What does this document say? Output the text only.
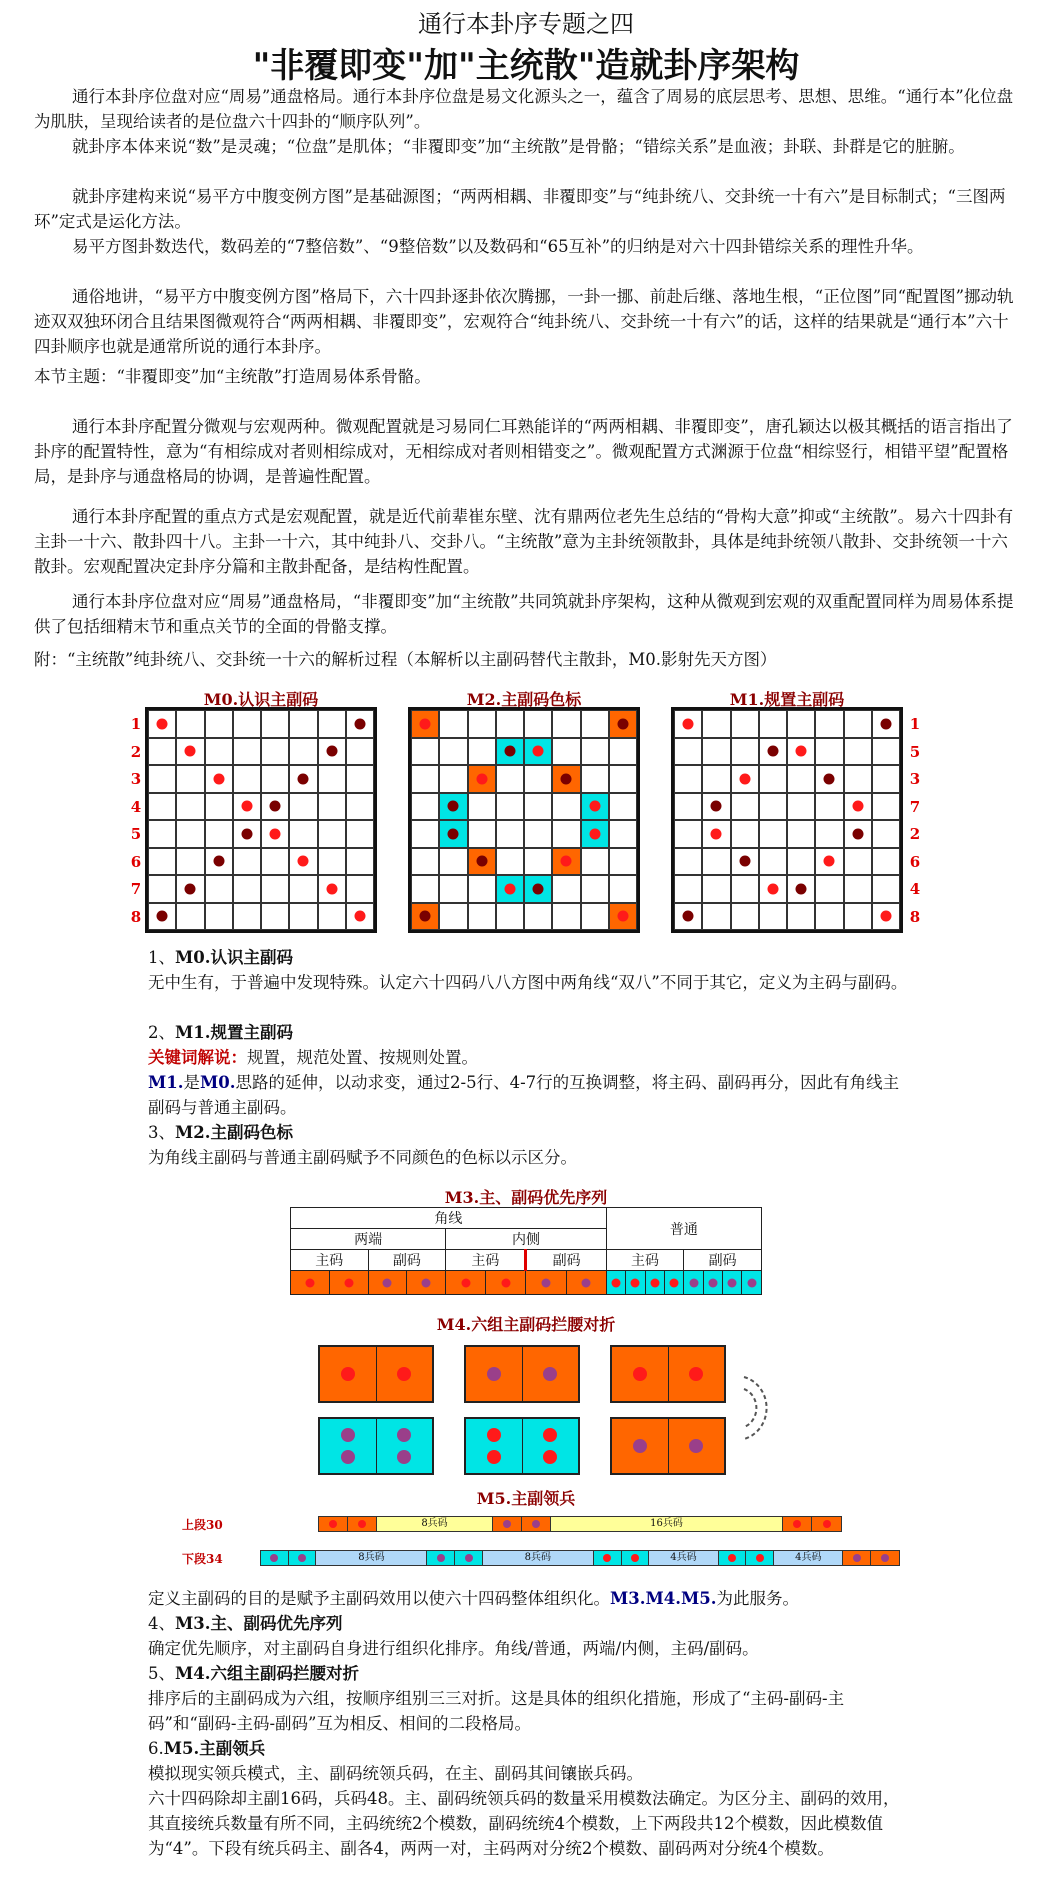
通行本卦序专题之四
"非覆即变"加"主统散"造就卦序架构

通行本卦序位盘对应“周易”通盘格局。通行本卦序位盘是易文化源头之一，蕴含了周易的底层思考、思想、思维。“通行本”化位盘为肌肤，呈现给读者的是位盘六十四卦的“顺序队列”。

就卦序本体来说“数”是灵魂；“位盘”是肌体；“非覆即变”加“主统散”是骨骼；“错综关系”是血液；卦联、卦群是它的脏腑。

就卦序建构来说“易平方中腹变例方图”是基础源图；“两两相耦、非覆即变”与“纯卦统八、交卦统一十有六”是目标制式；“三图两环”定式是运化方法。

易平方图卦数迭代，数码差的“7整倍数”、“9整倍数”以及数码和“65互补”的归纳是对六十四卦错综关系的理性升华。

通俗地讲，“易平方中腹变例方图”格局下，六十四卦逐卦依次腾挪，一卦一挪、前赴后继、落地生根，“正位图”同“配置图”挪动轨迹双双独环闭合且结果图微观符合“两两相耦、非覆即变”，宏观符合“纯卦统八、交卦统一十有六”的话，这样的结果就是“通行本”六十四卦顺序也就是通常所说的通行本卦序。

本节主题：“非覆即变”加“主统散”打造周易体系骨骼。

通行本卦序配置分微观与宏观两种。微观配置就是习易同仁耳熟能详的“两两相耦、非覆即变”，唐孔颖达以极其概括的语言指出了卦序的配置特性，意为“有相综成对者则相综成对，无相综成对者则相错变之”。微观配置方式渊源于位盘“相综竖行，相错平望”配置格局，是卦序与通盘格局的协调，是普遍性配置。

通行本卦序配置的重点方式是宏观配置，就是近代前辈崔东壁、沈有鼎两位老先生总结的“骨构大意”抑或“主统散”。易六十四卦有主卦一十六、散卦四十八。主卦一十六，其中纯卦八、交卦八。“主统散”意为主卦统领散卦，具体是纯卦统领八散卦、交卦统领一十六散卦。宏观配置决定卦序分篇和主散卦配备，是结构性配置。

通行本卦序位盘对应“周易”通盘格局，“非覆即变”加“主统散”共同筑就卦序架构，这种从微观到宏观的双重配置同样为周易体系提供了包括细精末节和重点关节的全面的骨骼支撑。

附：“主统散”纯卦统八、交卦统一十六的解析过程（本解析以主副码替代主散卦，M0.影射先天方图）

M0.认识主副码
1
2
3
4
5
6
7
8
M2.主副码色标	M1.规置主副码
1
5
3
7
2
6
4
8
1、M0.认识主副码
无中生有，于普遍中发现特殊。认定六十四码八八方图中两角线“双八”不同于其它，定义为主码与副码。
2、M1.规置主副码
关键词解说：规置，规范处置、按规则处置。
M1.是M0.思路的延伸，以动求变，通过2-5行、4-7行的互换调整，将主码、副码再分，因此有角线主副码与普通主副码。
3、M2.主副码色标
为角线主副码与普通主副码赋予不同颜色的色标以示区分。
M3.主、副码优先序列
角线								普通							
两端				内侧											
主码		副码		主码		副码		主码				副码			

M4.六组主副码拦腰对折
M5.主副领兵
上段30	8兵码	16兵码
下段34	8兵码	8兵码	4兵码	4兵码
定义主副码的目的是赋予主副码效用以使六十四码整体组织化。M3.M4.M5.为此服务。
4、M3.主、副码优先序列
确定优先顺序，对主副码自身进行组织化排序。角线/普通，两端/内侧，主码/副码。
5、M4.六组主副码拦腰对折
排序后的主副码成为六组，按顺序组别三三对折。这是具体的组织化措施，形成了“主码-副码-主码”和“副码-主码-副码”互为相反、相间的二段格局。
6.M5.主副领兵
模拟现实领兵模式，主、副码统领兵码，在主、副码其间镶嵌兵码。
六十四码除却主副16码，兵码48。主、副码统领兵码的数量采用模数法确定。为区分主、副码的效用，其直接统兵数量有所不同，主码统统2个模数，副码统统4个模数，上下两段共12个模数，因此模数值为“4”。下段有统兵码主、副各4，两两一对，主码两对分统2个模数、副码两对分统4个模数。
